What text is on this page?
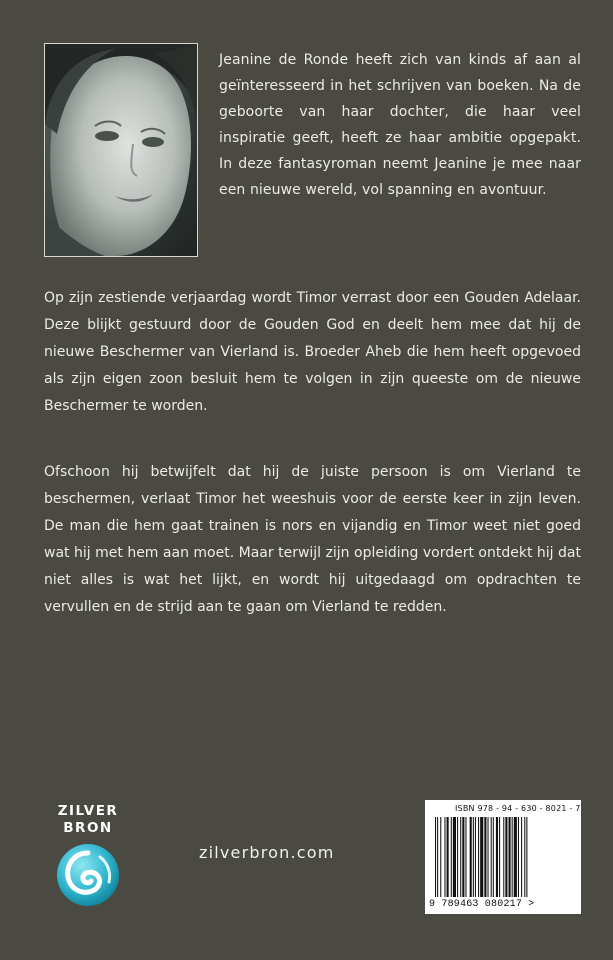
Jeanine de Ronde heeft zich van kinds af aan al geïnteresseerd in het schrijven van boeken. Na de geboorte van haar dochter, die haar veel inspiratie geeft, heeft ze haar ambitie opgepakt. In deze fantasyroman neemt Jeanine je mee naar een nieuwe wereld, vol spanning en avontuur.
Op zijn zestiende verjaardag wordt Timor verrast door een Gouden Adelaar. Deze blijkt gestuurd door de Gouden God en deelt hem mee dat hij de nieuwe Beschermer van Vierland is. Broeder Aheb die hem heeft opgevoed als zijn eigen zoon besluit hem te volgen in zijn queeste om de nieuwe Beschermer te worden.
Ofschoon hij betwijfelt dat hij de juiste persoon is om Vierland te beschermen, verlaat Timor het weeshuis voor de eerste keer in zijn leven. De man die hem gaat trainen is nors en vijandig en Timor weet niet goed wat hij met hem aan moet. Maar terwijl zijn opleiding vordert ontdekt hij dat niet alles is wat het lijkt, en wordt hij uitgedaagd om opdrachten te vervullen en de strijd aan te gaan om Vierland te redden.
ZILVER
BRON
zilverbron.com
ISBN 978 - 94 - 630 - 8021 - 7
9 789463 080217 >
